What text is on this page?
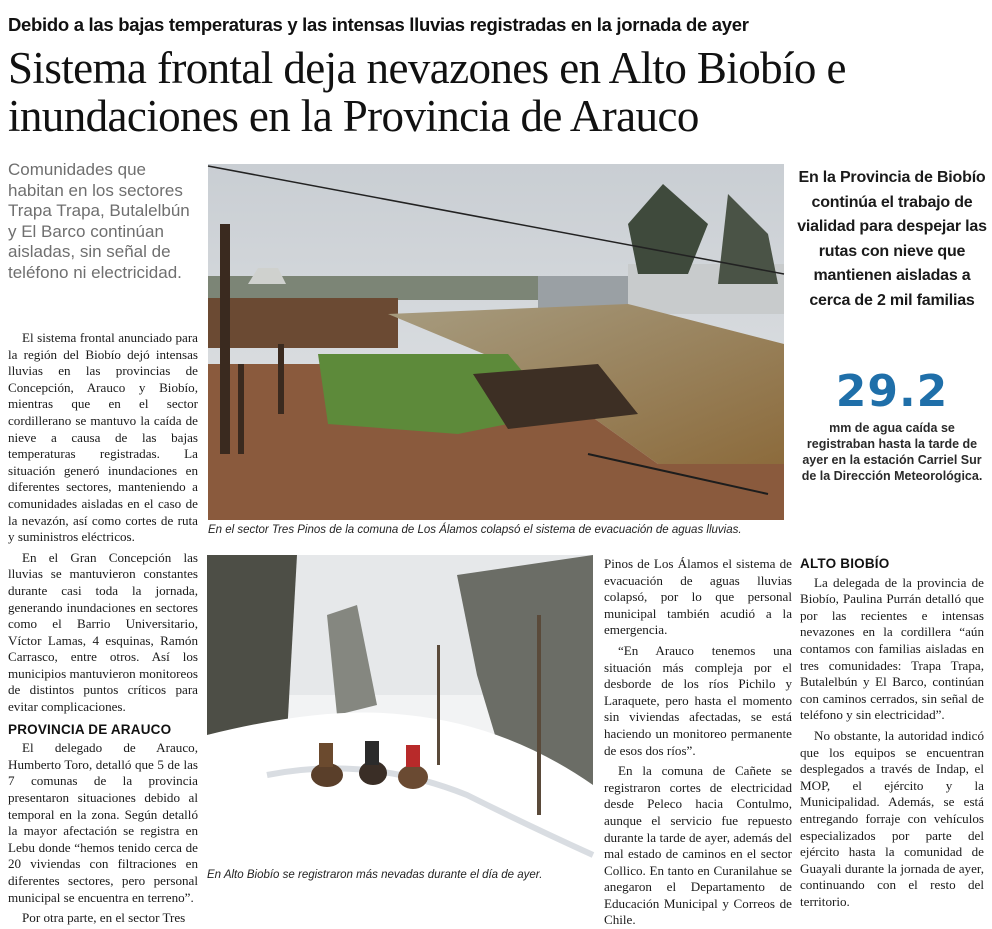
Debido a las bajas temperaturas y las intensas lluvias registradas en la jornada de ayer
Sistema frontal deja nevazones en Alto Biobío e inundaciones en la Provincia de Arauco
Comunidades que habitan en los sectores Trapa Trapa, Butalelbún y El Barco continúan aisladas, sin señal de teléfono ni electricidad.

El sistema frontal anunciado para la región del Biobío dejó intensas lluvias en las provincias de Concepción, Arauco y Biobío, mientras que en el sector cordillerano se mantuvo la caída de nieve a causa de las bajas temperaturas registradas. La situación generó inundaciones en diferentes sectores, manteniendo a comunidades aisladas en el caso de la nevazón, así como cortes de ruta y suministros eléctricos.

En el Gran Concepción las lluvias se mantuvieron constantes durante casi toda la jornada, generando inundaciones en sectores como el Barrio Universitario, Víctor Lamas, 4 esquinas, Ramón Carrasco, entre otros. Así los municipios mantuvieron monitoreos de distintos puntos críticos para evitar complicaciones.

PROVINCIA DE ARAUCO

El delegado de Arauco, Humberto Toro, detalló que 5 de las 7 comunas de la provincia presentaron situaciones debido al temporal en la zona. Según detalló la mayor afectación se registra en Lebu donde “hemos tenido cerca de 20 viviendas con filtraciones en diferentes sectores, pero personal municipal se encuentra en terreno”.

Por otra parte, en el sector Tres

En el sector Tres Pinos de la comuna de Los Álamos colapsó el sistema de evacuación de aguas lluvias.
En la Provincia de Biobío continúa el trabajo de vialidad para despejar las rutas con nieve que mantienen aisladas a cerca de 2 mil familias
29.2
mm de agua caída se registraban hasta la tarde de ayer en la estación Carriel Sur de la Dirección Meteorológica.
En Alto Biobío se registraron más nevadas durante el día de ayer.

Pinos de Los Álamos el sistema de evacuación de aguas lluvias colapsó, por lo que personal municipal también acudió a la emergencia.

“En Arauco tenemos una situación más compleja por el desborde de los ríos Pichilo y Laraquete, pero hasta el momento sin viviendas afectadas, se está haciendo un monitoreo permanente de esos dos ríos”.

En la comuna de Cañete se registraron cortes de electricidad desde Peleco hacia Contulmo, aunque el servicio fue repuesto durante la tarde de ayer, además del mal estado de caminos en el sector Collico. En tanto en Curanilahue se anegaron el Departamento de Educación Municipal y Correos de Chile.

ALTO BIOBÍO

La delegada de la provincia de Biobío, Paulina Purrán detalló que por las recientes e intensas nevazones en la cordillera “aún contamos con familias aisladas en tres comunidades: Trapa Trapa, Butalelbún y El Barco, continúan con caminos cerrados, sin señal de teléfono y sin electricidad”.

No obstante, la autoridad indicó que los equipos se encuentran desplegados a través de Indap, el MOP, el ejército y la Municipalidad. Además, se está entregando forraje con vehículos especializados por parte del ejército hasta la comunidad de Guayali durante la jornada de ayer, continuando con el resto del territorio.
